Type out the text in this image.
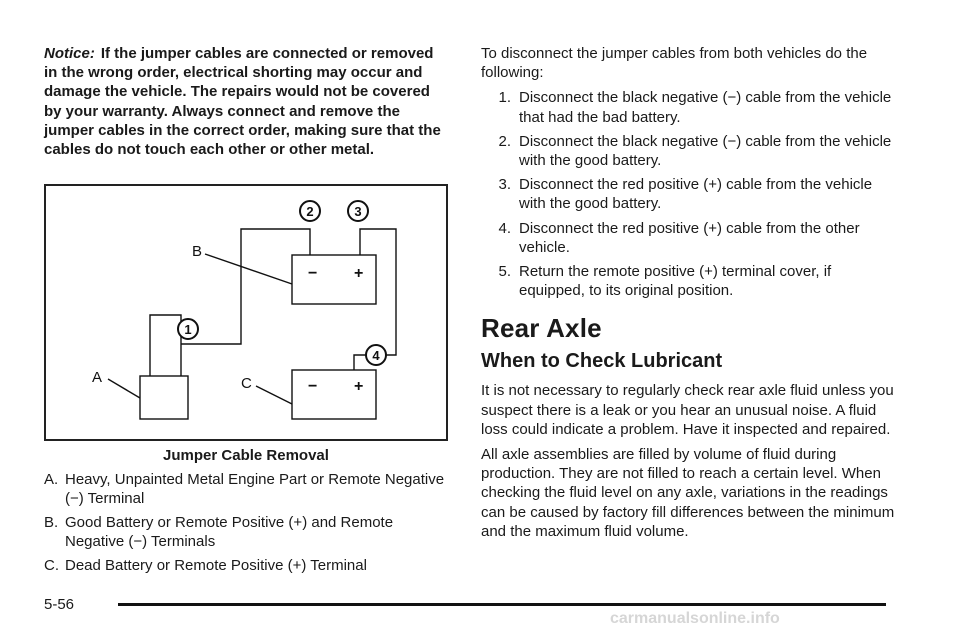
Notice: If the jumper cables are connected or removed in the wrong order, electrical shorting may occur and damage the vehicle. The repairs would not be covered by your warranty. Always connect and remove the jumper cables in the correct order, making sure that the cables do not touch each other or other metal.

− +
− +
B
A	C
1
2	3
4
Jumper Cable Removal
A. Heavy, Unpainted Metal Engine Part or Remote Negative (−) Terminal
B. Good Battery or Remote Positive (+) and Remote Negative (−) Terminals
C. Dead Battery or Remote Positive (+) Terminal

To disconnect the jumper cables from both vehicles do the following:

1. Disconnect the black negative (−) cable from the vehicle that had the bad battery.
2. Disconnect the black negative (−) cable from the vehicle with the good battery.
3. Disconnect the red positive (+) cable from the vehicle with the good battery.
4. Disconnect the red positive (+) cable from the other vehicle.
5. Return the remote positive (+) terminal cover, if equipped, to its original position.
Rear Axle
When to Check Lubricant

It is not necessary to regularly check rear axle fluid unless you suspect there is a leak or you hear an unusual noise. A fluid loss could indicate a problem. Have it inspected and repaired.

All axle assemblies are filled by volume of fluid during production. They are not filled to reach a certain level. When checking the fluid level on any axle, variations in the readings can be caused by factory fill differences between the minimum and the maximum fluid volume.

5-56
carmanualsonline.info
